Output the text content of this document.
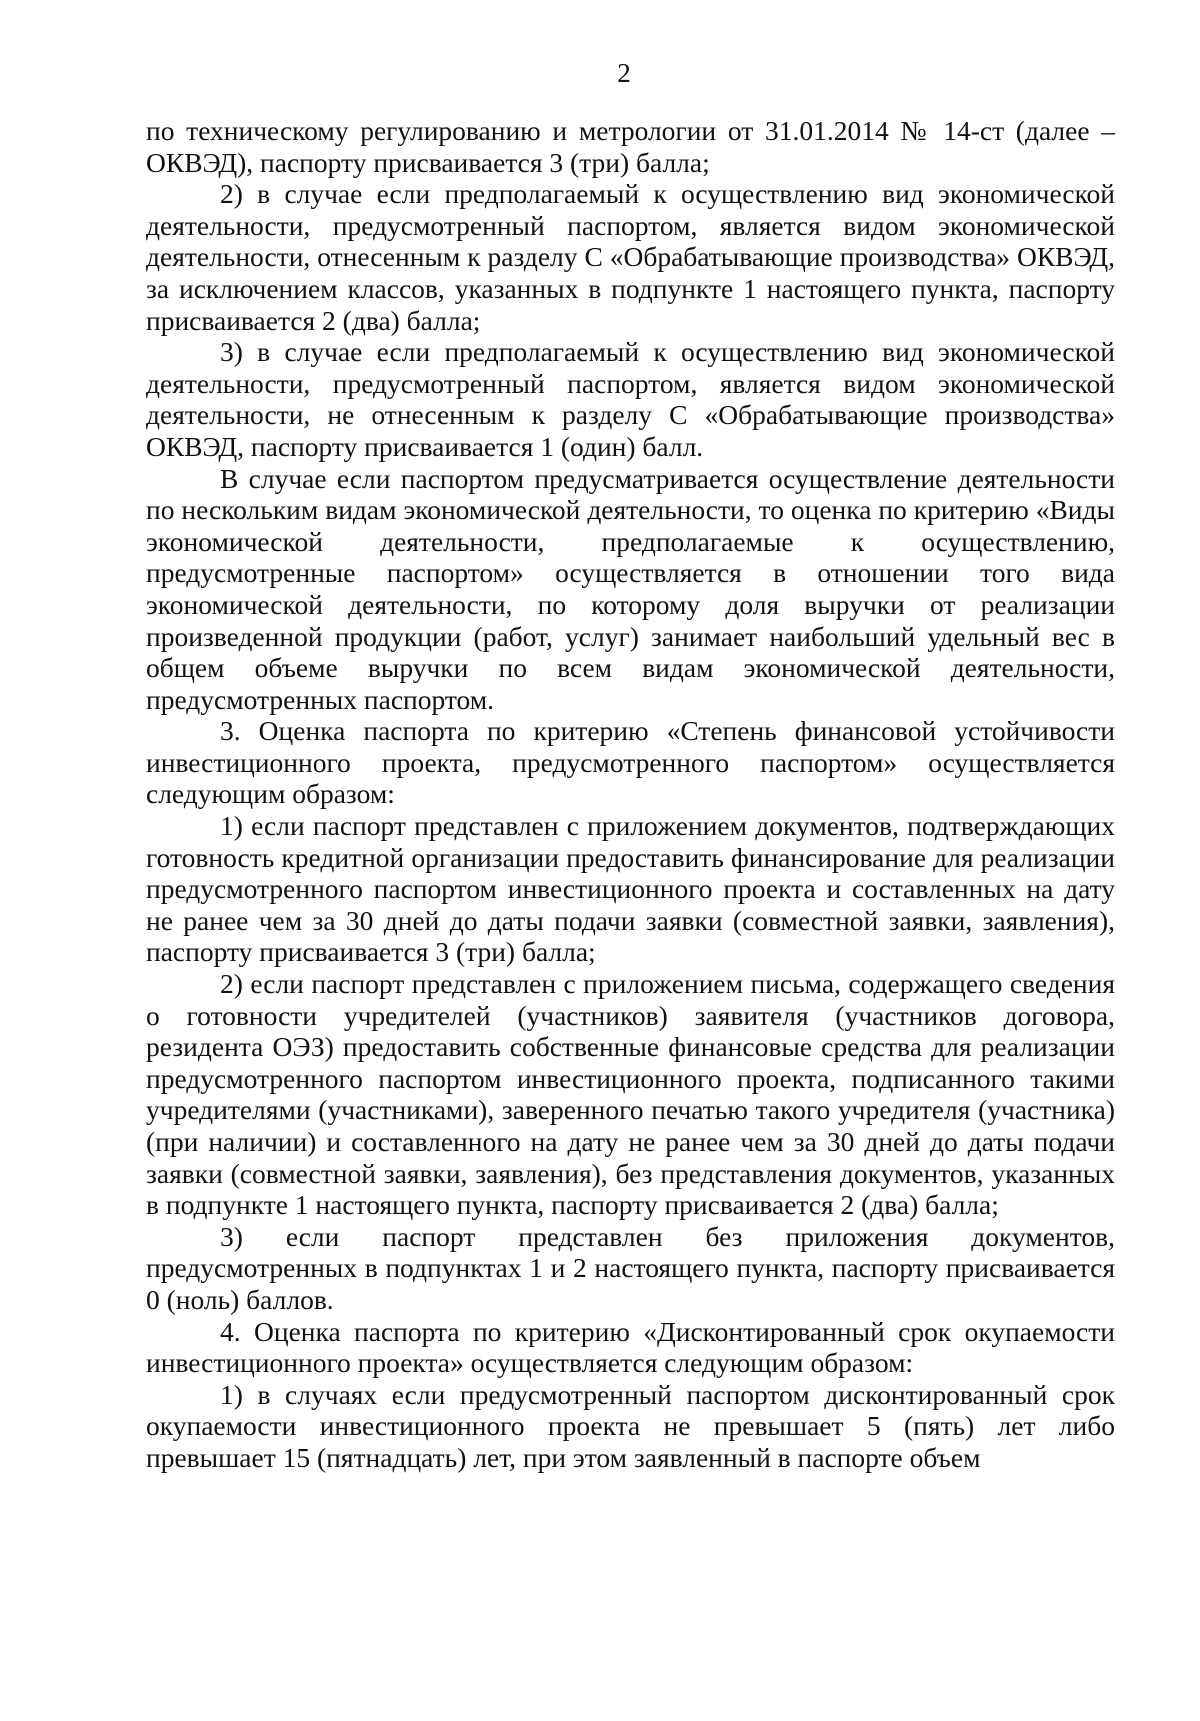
2

по техническому регулированию и метрологии от 31.01.2014 № 14-ст (далее – ОКВЭД), паспорту присваивается 3 (три) балла;

2) в случае если предполагаемый к осуществлению вид экономической деятельности, предусмотренный паспортом, является видом экономической деятельности, отнесенным к разделу С «Обрабатывающие производства» ОКВЭД, за исключением классов, указанных в подпункте 1 настоящего пункта, паспорту присваивается 2 (два) балла;

3) в случае если предполагаемый к осуществлению вид экономической деятельности, предусмотренный паспортом, является видом экономической деятельности, не отнесенным к разделу С «Обрабатывающие производства» ОКВЭД, паспорту присваивается 1 (один) балл.

В случае если паспортом предусматривается осуществление деятельности по нескольким видам экономической деятельности, то оценка по критерию «Виды экономической деятельности, предполагаемые к осуществлению, предусмотренные паспортом» осуществляется в отношении того вида экономической деятельности, по которому доля выручки от реализации произведенной продукции (работ, услуг) занимает наибольший удельный вес в общем объеме выручки по всем видам экономической деятельности, предусмотренных паспортом.

3. Оценка паспорта по критерию «Степень финансовой устойчивости инвестиционного проекта, предусмотренного паспортом» осуществляется следующим образом:

1) если паспорт представлен с приложением документов, подтверждающих готовность кредитной организации предоставить финансирование для реализации предусмотренного паспортом инвестиционного проекта и составленных на дату не ранее чем за 30 дней до даты подачи заявки (совместной заявки, заявления), паспорту присваивается 3 (три) балла;

2) если паспорт представлен с приложением письма, содержащего сведения о готовности учредителей (участников) заявителя (участников договора, резидента ОЭЗ) предоставить собственные финансовые средства для реализации предусмотренного паспортом инвестиционного проекта, подписанного такими учредителями (участниками), заверенного печатью такого учредителя (участника) (при наличии) и составленного на дату не ранее чем за 30 дней до даты подачи заявки (совместной заявки, заявления), без представления документов, указанных в подпункте 1 настоящего пункта, паспорту присваивается 2 (два) балла;

3) если паспорт представлен без приложения документов, предусмотренных в подпунктах 1 и 2 настоящего пункта, паспорту присваивается 0 (ноль) баллов.

4. Оценка паспорта по критерию «Дисконтированный срок окупаемости инвестиционного проекта» осуществляется следующим образом:

1) в случаях если предусмотренный паспортом дисконтированный срок окупаемости инвестиционного проекта не превышает 5 (пять) лет либо превышает 15 (пятнадцать) лет, при этом заявленный в паспорте объем
